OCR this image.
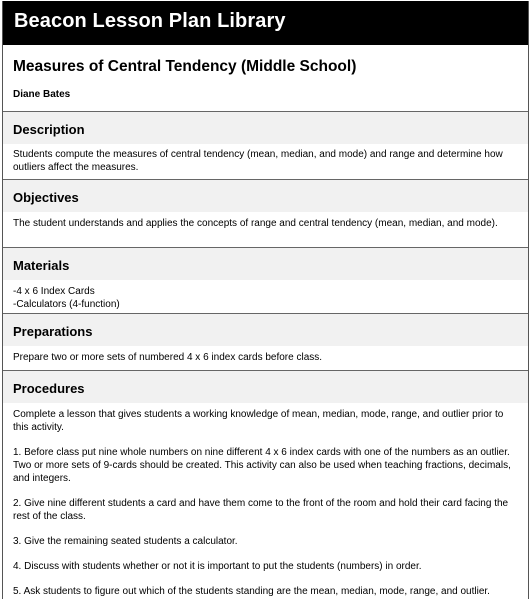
Beacon Lesson Plan Library
Measures of Central Tendency (Middle School)
Diane Bates
Description
Students compute the measures of central tendency (mean, median, and mode) and range and determine how outliers affect the measures.
Objectives
The student understands and applies the concepts of range and central tendency (mean, median, and mode).
Materials
-4 x 6 Index Cards
-Calculators (4-function)
Preparations
Prepare two or more sets of numbered 4 x 6 index cards before class.
Procedures

Complete a lesson that gives students a working knowledge of mean, median, mode, range, and outlier prior to this activity.

1. Before class put nine whole numbers on nine different 4 x 6 index cards with one of the numbers as an outlier. Two or more sets of 9-cards should be created. This activity can also be used when teaching fractions, decimals, and integers.

2. Give nine different students a card and have them come to the front of the room and hold their card facing the rest of the class.

3. Give the remaining seated students a calculator.

4. Discuss with students whether or not it is important to put the students (numbers) in order.

5. Ask students to figure out which of the students standing are the mean, median, mode, range, and outlier.
